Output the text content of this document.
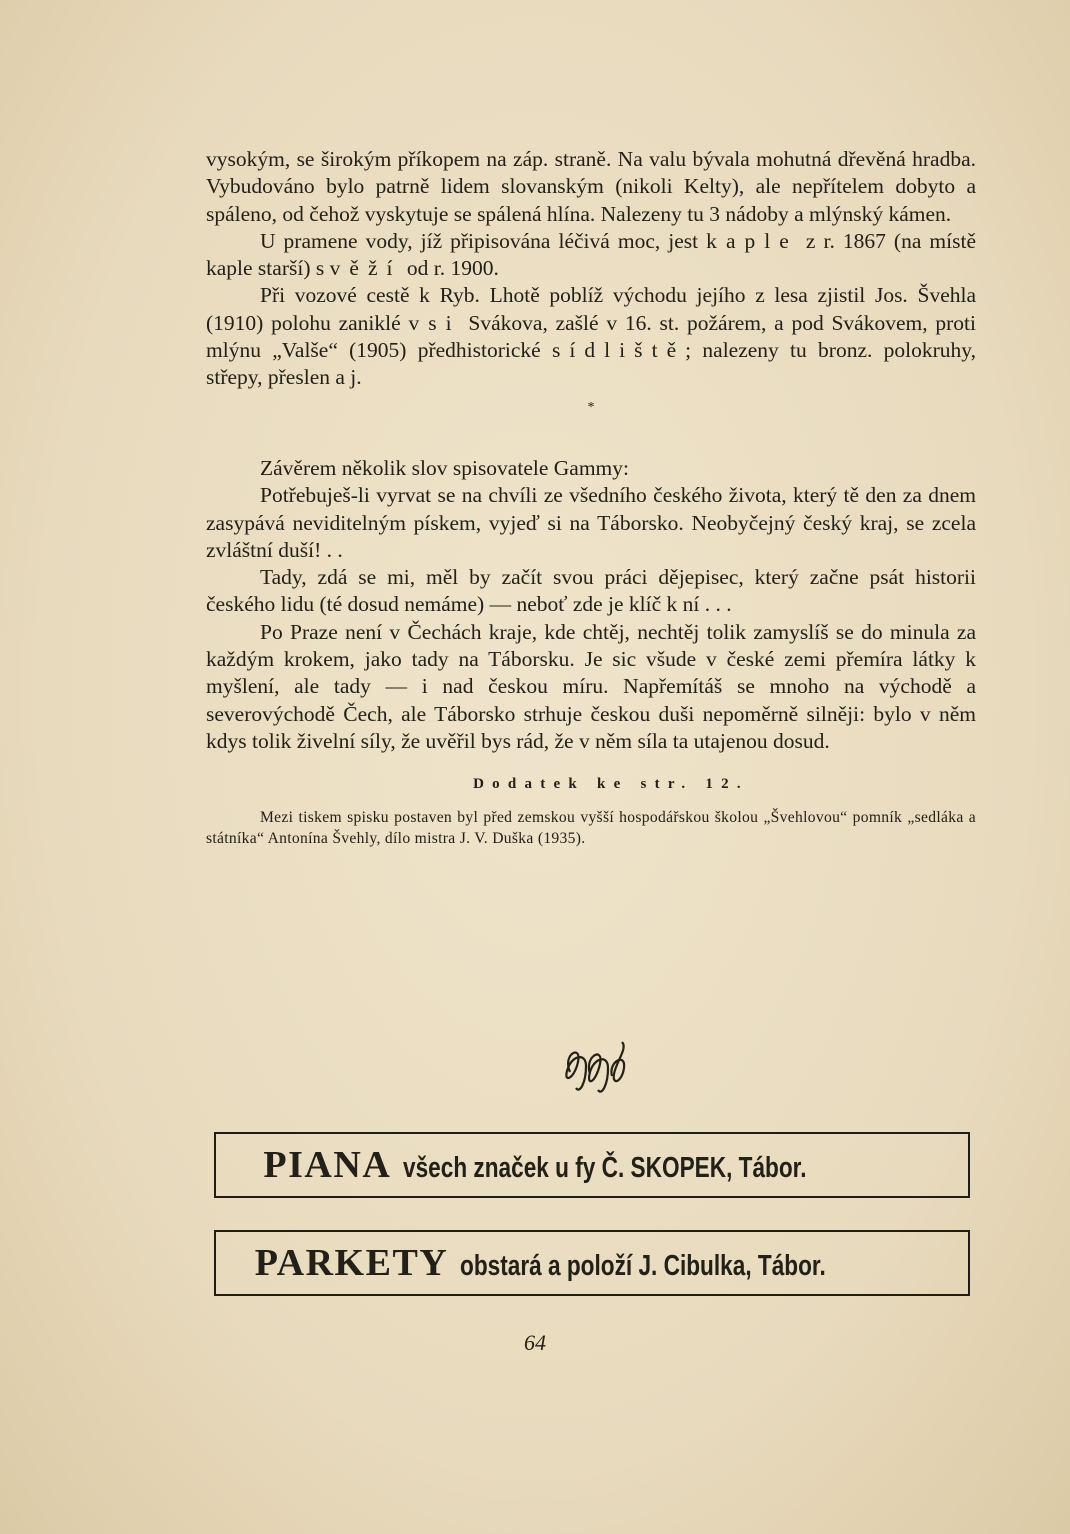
vysokým, se širokým příkopem na záp. straně. Na valu bývala mohutná dřevěná hradba. Vybudováno bylo patrně lidem slovanským (nikoli Kelty), ale nepřítelem dobyto a spáleno, od čehož vyskytuje se spálená hlína. Nalezeny tu 3 nádoby a mlýnský kámen.

U pramene vody, jíž připisována léčivá moc, jest kaple z r. 1867 (na místě kaple starší) s věží od r. 1900.

Při vozové cestě k Ryb. Lhotě poblíž východu jejího z lesa zjistil Jos. Švehla (1910) polohu zaniklé vsi Svákova, zašlé v 16. st. požárem, a pod Svákovem, proti mlýnu „Valše“ (1905) předhistorické sídliště; nalezeny tu bronz. polokruhy, střepy, přeslen a j.

*

Závěrem několik slov spisovatele Gammy:

Potřebuješ-li vyrvat se na chvíli ze všedního českého života, který tě den za dnem zasypává neviditelným pískem, vyjeď si na Táborsko. Neobyčejný český kraj, se zcela zvláštní duší! . .

Tady, zdá se mi, měl by začít svou práci dějepisec, který začne psát historii českého lidu (té dosud nemáme) — neboť zde je klíč k ní . . .

Po Praze není v Čechách kraje, kde chtěj, nechtěj tolik zamyslíš se do minula za každým krokem, jako tady na Táborsku. Je sic všude v české zemi přemíra látky k myšlení, ale tady — i nad českou míru. Napřemítáš se mnoho na východě a severovýchodě Čech, ale Táborsko strhuje českou duši nepoměrně silněji: bylo v něm kdys tolik živelní síly, že uvěřil bys rád, že v něm síla ta utajenou dosud.

Dodatek ke str. 12.

Mezi tiskem spisku postaven byl před zemskou vyšší hospodářskou školou „Švehlovou“ pomník „sedláka a státníka“ Antonína Švehly, dílo mistra J. V. Duška (1935).

PIANA všech značek u fy Č. SKOPEK, Tábor.
PARKETY obstará a položí J. Cibulka, Tábor.
64
